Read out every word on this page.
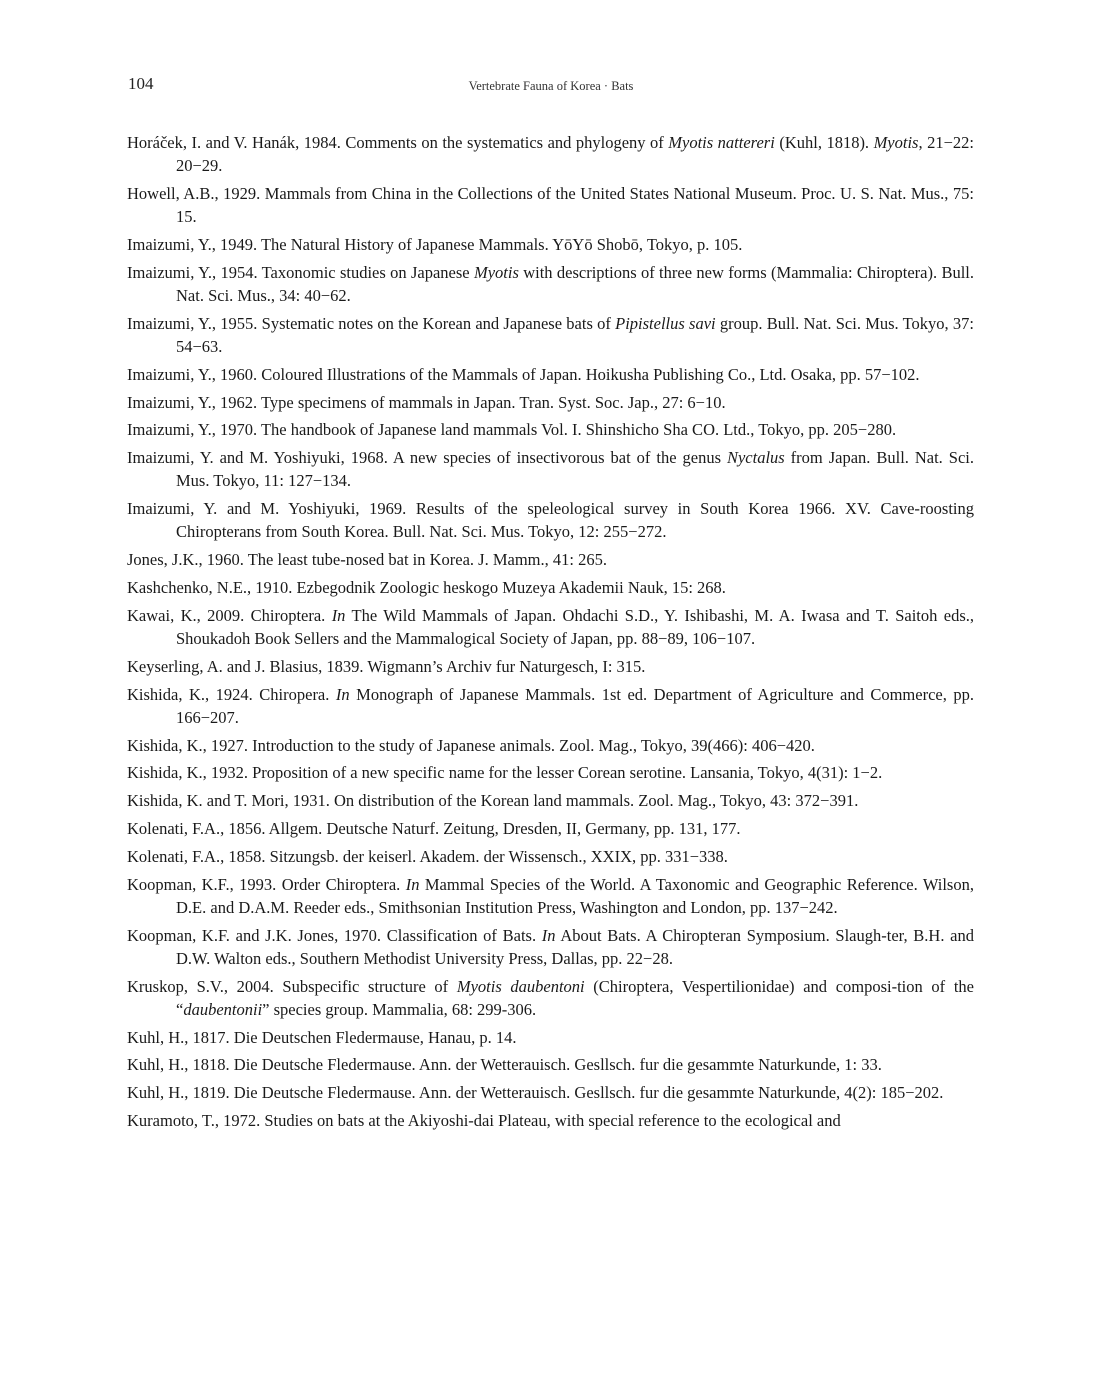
104	Vertebrate Fauna of Korea · Bats

Horáček, I. and V. Hanák, 1984. Comments on the systematics and phylogeny of Myotis nattereri (Kuhl, 1818). Myotis, 21−22: 20−29.

Howell, A.B., 1929. Mammals from China in the Collections of the United States National Museum. Proc. U. S. Nat. Mus., 75: 15.

Imaizumi, Y., 1949. The Natural History of Japanese Mammals. YōYō Shobō, Tokyo, p. 105.

Imaizumi, Y., 1954. Taxonomic studies on Japanese Myotis with descriptions of three new forms (Mammalia: Chiroptera). Bull. Nat. Sci. Mus., 34: 40−62.

Imaizumi, Y., 1955. Systematic notes on the Korean and Japanese bats of Pipistellus savi group. Bull. Nat. Sci. Mus. Tokyo, 37: 54−63.

Imaizumi, Y., 1960. Coloured Illustrations of the Mammals of Japan. Hoikusha Publishing Co., Ltd. Osaka, pp. 57−102.

Imaizumi, Y., 1962. Type specimens of mammals in Japan. Tran. Syst. Soc. Jap., 27: 6−10.

Imaizumi, Y., 1970. The handbook of Japanese land mammals Vol. I. Shinshicho Sha CO. Ltd., Tokyo, pp. 205−280.

Imaizumi, Y. and M. Yoshiyuki, 1968. A new species of insectivorous bat of the genus Nyctalus from Japan. Bull. Nat. Sci. Mus. Tokyo, 11: 127−134.

Imaizumi, Y. and M. Yoshiyuki, 1969. Results of the speleological survey in South Korea 1966. XV. Cave-roosting Chiropterans from South Korea. Bull. Nat. Sci. Mus. Tokyo, 12: 255−272.

Jones, J.K., 1960. The least tube-nosed bat in Korea. J. Mamm., 41: 265.

Kashchenko, N.E., 1910. Ezbegodnik Zoologic heskogo Muzeya Akademii Nauk, 15: 268.

Kawai, K., 2009. Chiroptera. In The Wild Mammals of Japan. Ohdachi S.D., Y. Ishibashi, M. A. Iwasa and T. Saitoh eds., Shoukadoh Book Sellers and the Mammalogical Society of Japan, pp. 88−89, 106−107.

Keyserling, A. and J. Blasius, 1839. Wigmann’s Archiv fur Naturgesch, I: 315.

Kishida, K., 1924. Chiropera. In Monograph of Japanese Mammals. 1st ed. Department of Agriculture and Commerce, pp. 166−207.

Kishida, K., 1927. Introduction to the study of Japanese animals. Zool. Mag., Tokyo, 39(466): 406−420.

Kishida, K., 1932. Proposition of a new specific name for the lesser Corean serotine. Lansania, Tokyo, 4(31): 1−2.

Kishida, K. and T. Mori, 1931. On distribution of the Korean land mammals. Zool. Mag., Tokyo, 43: 372−391.

Kolenati, F.A., 1856. Allgem. Deutsche Naturf. Zeitung, Dresden, II, Germany, pp. 131, 177.

Kolenati, F.A., 1858. Sitzungsb. der keiserl. Akadem. der Wissensch., XXIX, pp. 331−338.

Koopman, K.F., 1993. Order Chiroptera. In Mammal Species of the World. A Taxonomic and Geographic Reference. Wilson, D.E. and D.A.M. Reeder eds., Smithsonian Institution Press, Washington and London, pp. 137−242.

Koopman, K.F. and J.K. Jones, 1970. Classification of Bats. In About Bats. A Chiropteran Symposium. Slaugh-ter, B.H. and D.W. Walton eds., Southern Methodist University Press, Dallas, pp. 22−28.

Kruskop, S.V., 2004. Subspecific structure of Myotis daubentoni (Chiroptera, Vespertilionidae) and composi-tion of the “daubentonii” species group. Mammalia, 68: 299-306.

Kuhl, H., 1817. Die Deutschen Fledermause, Hanau, p. 14.

Kuhl, H., 1818. Die Deutsche Fledermause. Ann. der Wetterauisch. Gesllsch. fur die gesammte Naturkunde, 1: 33.

Kuhl, H., 1819. Die Deutsche Fledermause. Ann. der Wetterauisch. Gesllsch. fur die gesammte Naturkunde, 4(2): 185−202.

Kuramoto, T., 1972. Studies on bats at the Akiyoshi-dai Plateau, with special reference to the ecological and
